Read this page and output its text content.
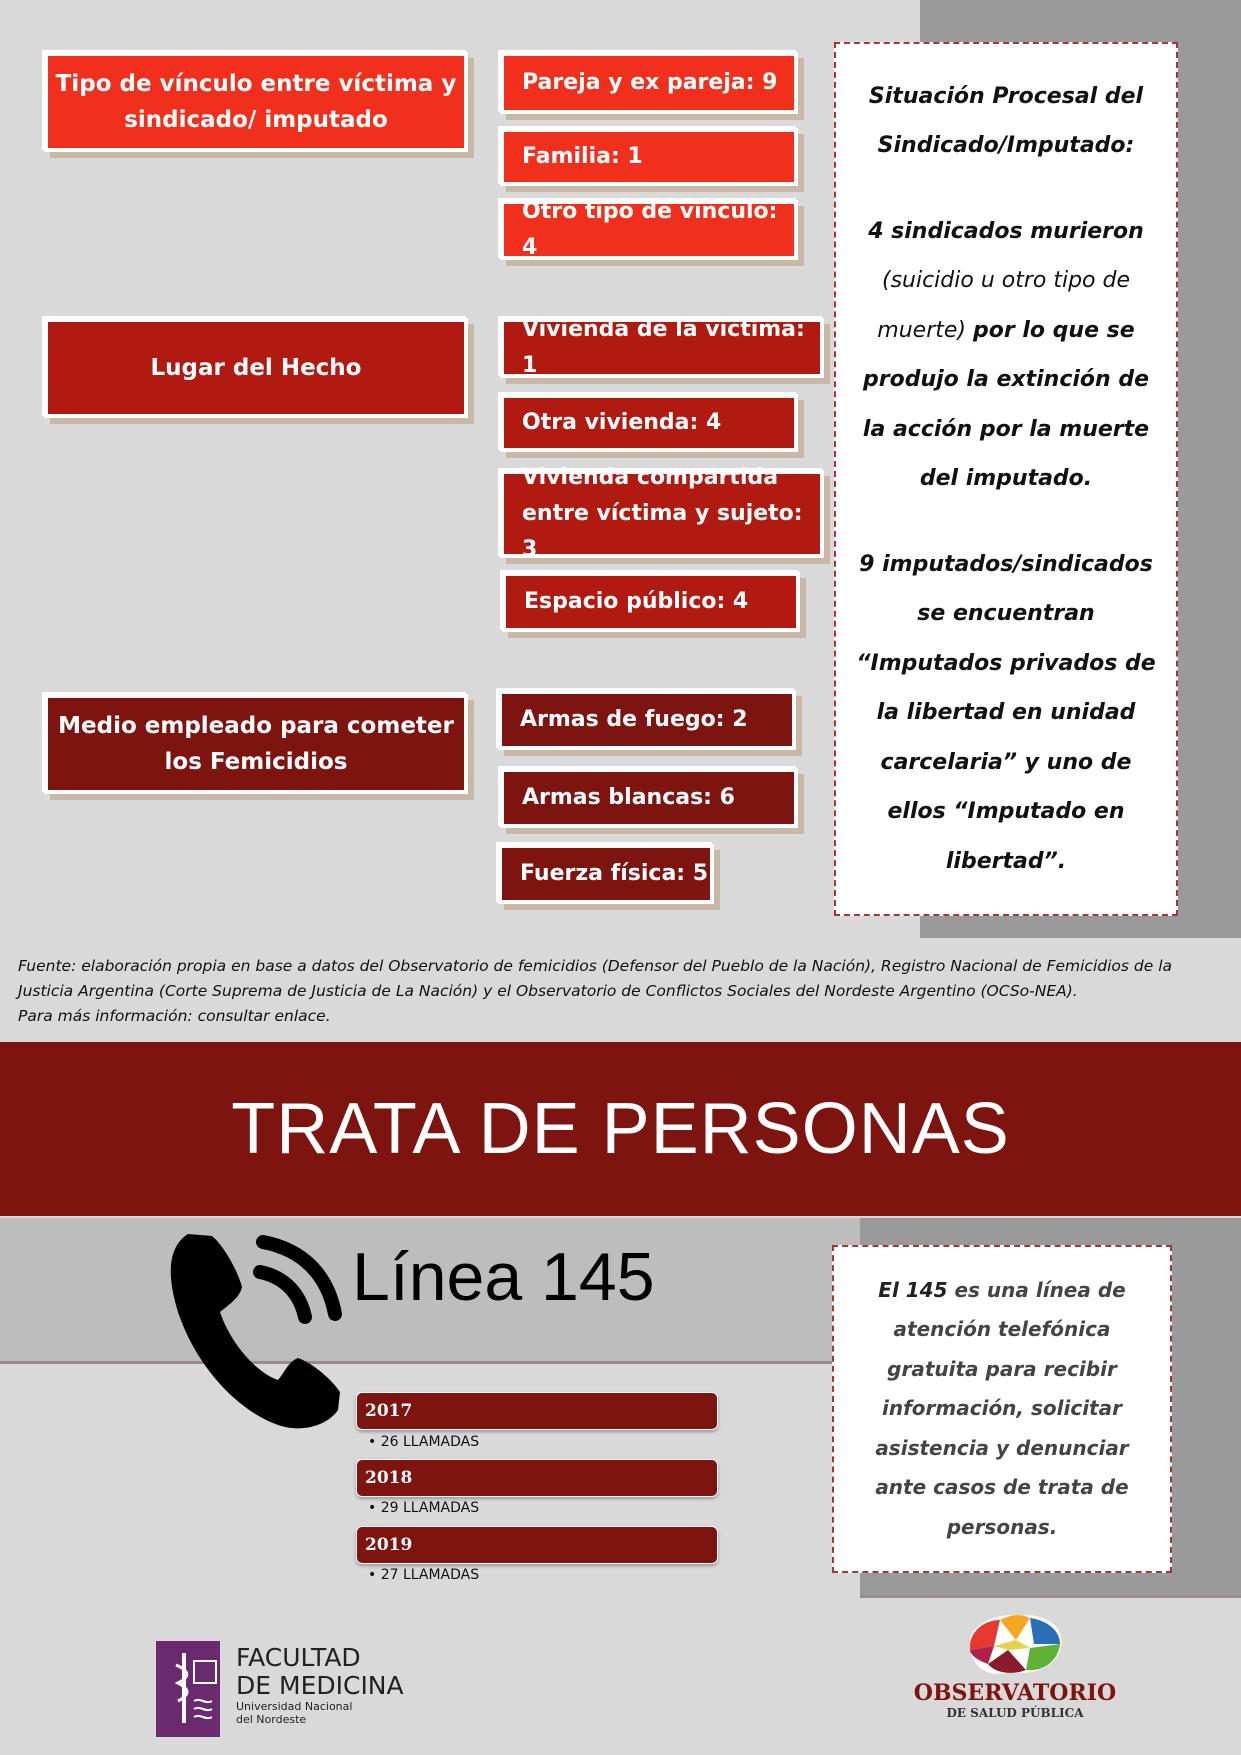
Tipo de vínculo entre víctima y sindicado/ imputado
Pareja y ex pareja: 9
Familia: 1
Otro tipo de vínculo: 4
Lugar del Hecho
Vivienda de la víctima: 1
Otra vivienda: 4
Vivienda compartida entre víctima y sujeto: 3
Espacio público: 4
Medio empleado para cometer los Femicidios
Armas de fuego: 2
Armas blancas: 6
Fuerza física: 5
Situación Procesal del Sindicado/Imputado:
4 sindicados murieron (suicidio u otro tipo de muerte) por lo que se produjo la extinción de la acción por la muerte del imputado.
9 imputados/sindicados se encuentran “Imputados privados de la libertad en unidad carcelaria” y uno de ellos “Imputado en libertad”.
Fuente: elaboración propia en base a datos del Observatorio de femicidios (Defensor del Pueblo de la Nación), Registro Nacional de Femicidios de la
Justicia Argentina (Corte Suprema de Justicia de La Nación) y el Observatorio de Conflictos Sociales del Nordeste Argentino (OCSo-NEA).
Para más información: consultar enlace.
TRATA DE PERSONAS
Línea 145
2017
• 26 LLAMADAS
2018
• 29 LLAMADAS
2019
• 27 LLAMADAS
El 145 es una línea de atención telefónica gratuita para recibir información, solicitar asistencia y denunciar ante casos de trata de personas.
FACULTAD
DE MEDICINA
Universidad Nacional
del Nordeste
OBSERVATORIO
DE SALUD PÚBLICA
